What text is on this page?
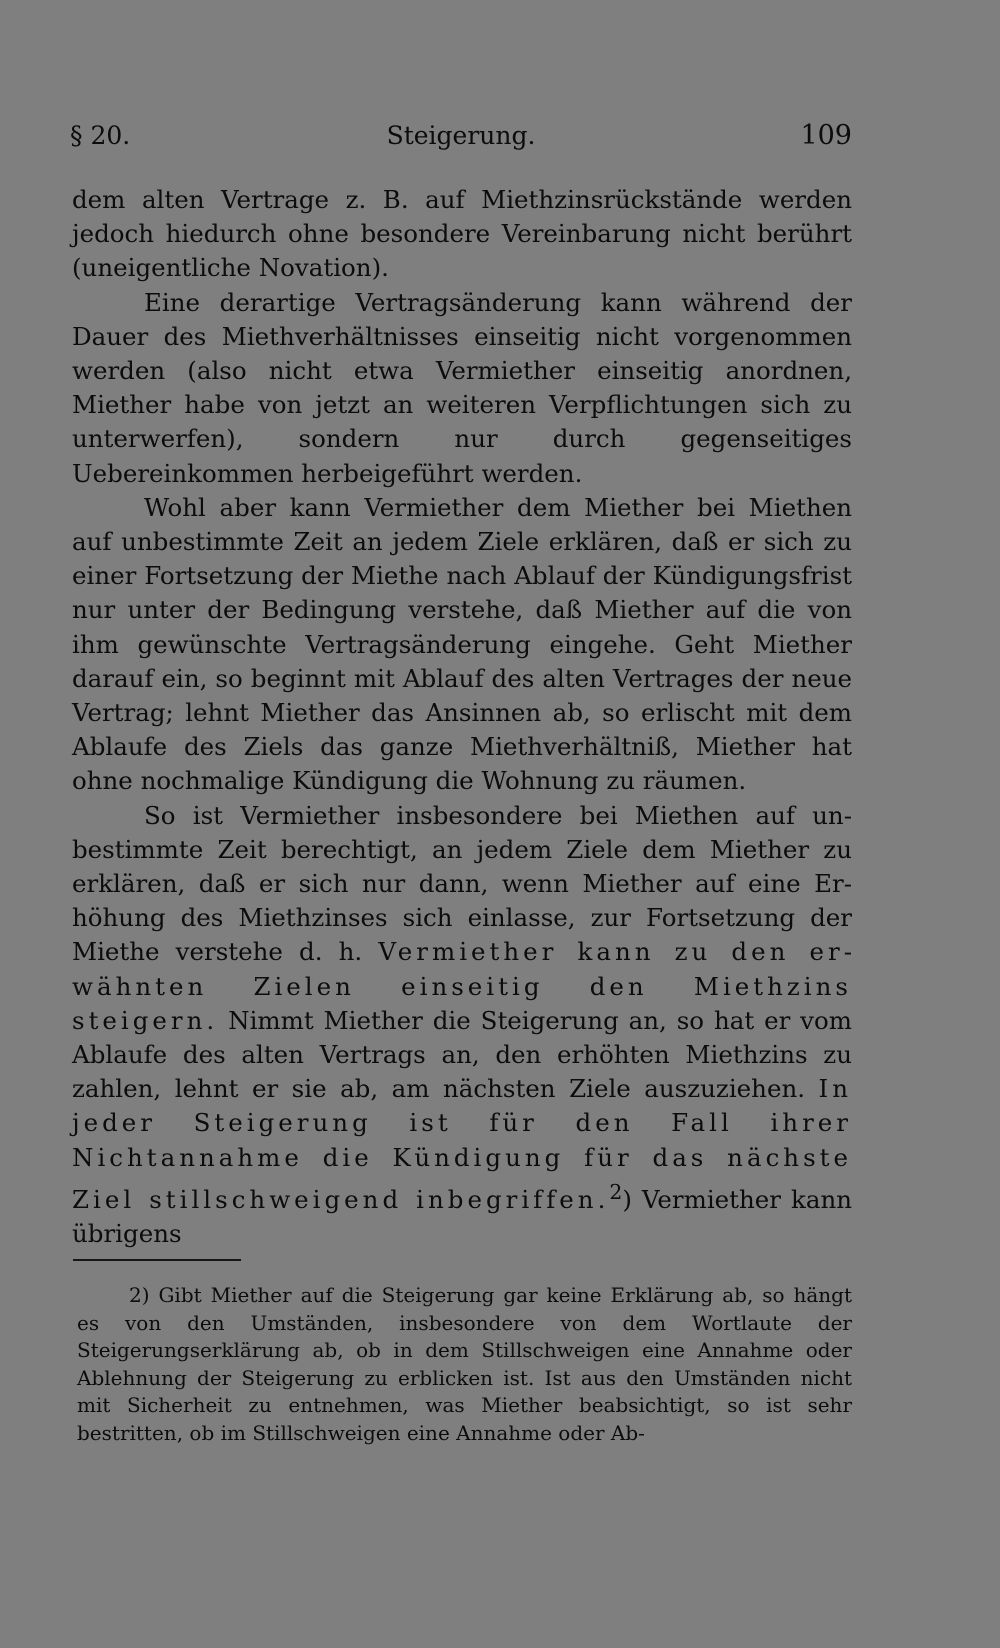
§ 20.	Steigerung.	109

dem alten Vertrage z. B. auf Miethzinsrückstände werden jedoch hiedurch ohne besondere Vereinbarung nicht berührt (uneigentliche Novation).

Eine derartige Vertragsänderung kann während der Dauer des Miethverhältnisses einseitig nicht vorgenommen werden (also nicht etwa Vermiether einseitig anordnen, Miether habe von jetzt an weiteren Verpflichtungen sich zu unterwerfen), sondern nur durch gegenseitiges Uebereinkommen herbeigeführt werden.

Wohl aber kann Vermiether dem Miether bei Miethen auf unbestimmte Zeit an jedem Ziele erklären, daß er sich zu einer Fortsetzung der Miethe nach Ablauf der Kündigungsfrist nur unter der Bedingung verstehe, daß Miether auf die von ihm gewünschte Vertragsänderung eingehe. Geht Miether darauf ein, so beginnt mit Ablauf des alten Vertrages der neue Vertrag; lehnt Miether das Ansinnen ab, so erlischt mit dem Ablaufe des Ziels das ganze Miethverhältniß, Miether hat ohne nochmalige Kündigung die Wohnung zu räumen.

So ist Vermiether insbesondere bei Miethen auf unbestimmte Zeit berechtigt, an jedem Ziele dem Miether zu erklären, daß er sich nur dann, wenn Miether auf eine Erhöhung des Miethzinses sich einlasse, zur Fortsetzung der Miethe verstehe d. h. Vermiether kann zu den erwähnten Zielen einseitig den Miethzins steigern. Nimmt Miether die Steigerung an, so hat er vom Ablaufe des alten Vertrags an, den erhöhten Miethzins zu zahlen, lehnt er sie ab, am nächsten Ziele auszuziehen. In jeder Steigerung ist für den Fall ihrer Nichtannahme die Kündigung für das nächste Ziel stillschweigend inbegriffen.$^2$) Vermiether kann übrigens

2) Gibt Miether auf die Steigerung gar keine Erklärung ab, so hängt es von den Umständen, insbesondere von dem Wortlaute der Steigerungserklärung ab, ob in dem Stillschweigen eine Annahme oder Ablehnung der Steigerung zu erblicken ist. Ist aus den Umständen nicht mit Sicherheit zu entnehmen, was Miether beabsichtigt, so ist sehr bestritten, ob im Stillschweigen eine Annahme oder Ab-
